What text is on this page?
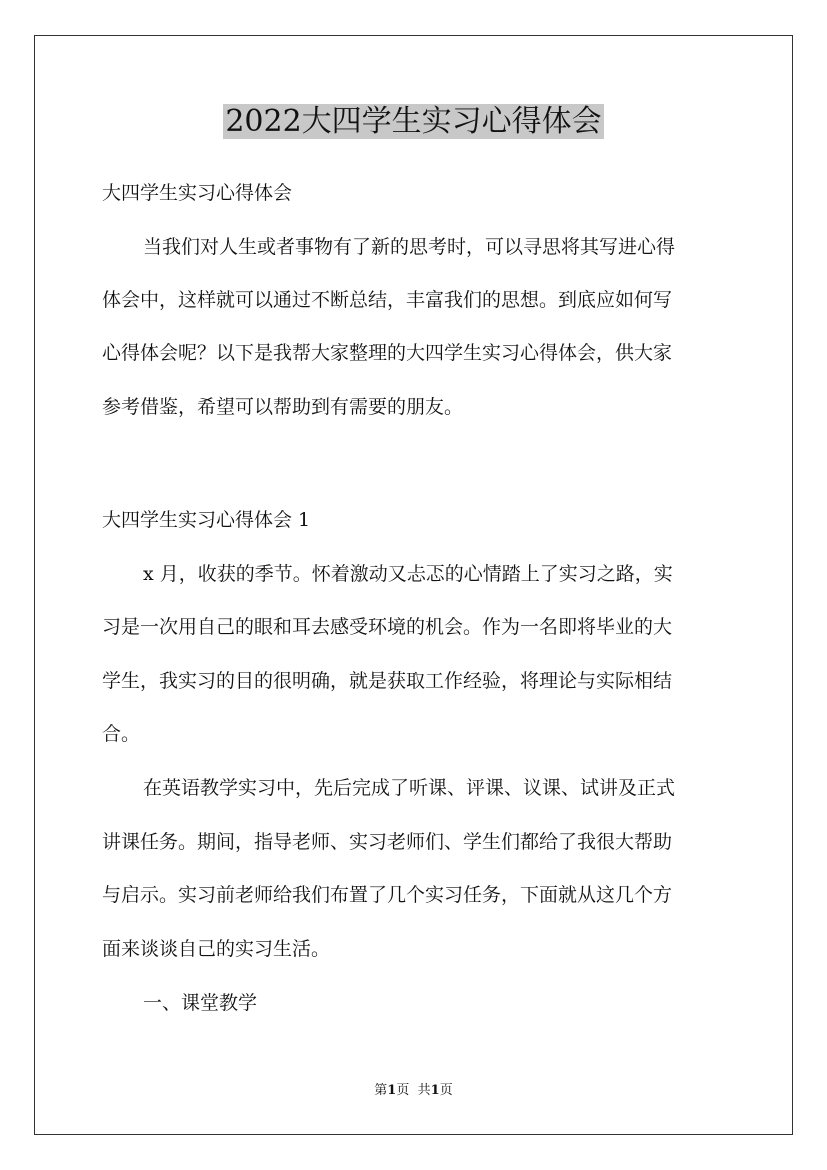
2022大四学生实习心得体会

大四学生实习心得体会

当我们对人生或者事物有了新的思考时，可以寻思将其写进心得

体会中，这样就可以通过不断总结，丰富我们的思想。到底应如何写

心得体会呢？以下是我帮大家整理的大四学生实习心得体会，供大家

参考借鉴，希望可以帮助到有需要的朋友。

大四学生实习心得体会 1

x 月，收获的季节。怀着激动又忐忑的心情踏上了实习之路，实

习是一次用自己的眼和耳去感受环境的机会。作为一名即将毕业的大

学生，我实习的目的很明确，就是获取工作经验，将理论与实际相结

合。

在英语教学实习中，先后完成了听课、评课、议课、试讲及正式

讲课任务。期间，指导老师、实习老师们、学生们都给了我很大帮助

与启示。实习前老师给我们布置了几个实习任务，下面就从这几个方

面来谈谈自己的实习生活。

一、课堂教学

第1页 共1页
